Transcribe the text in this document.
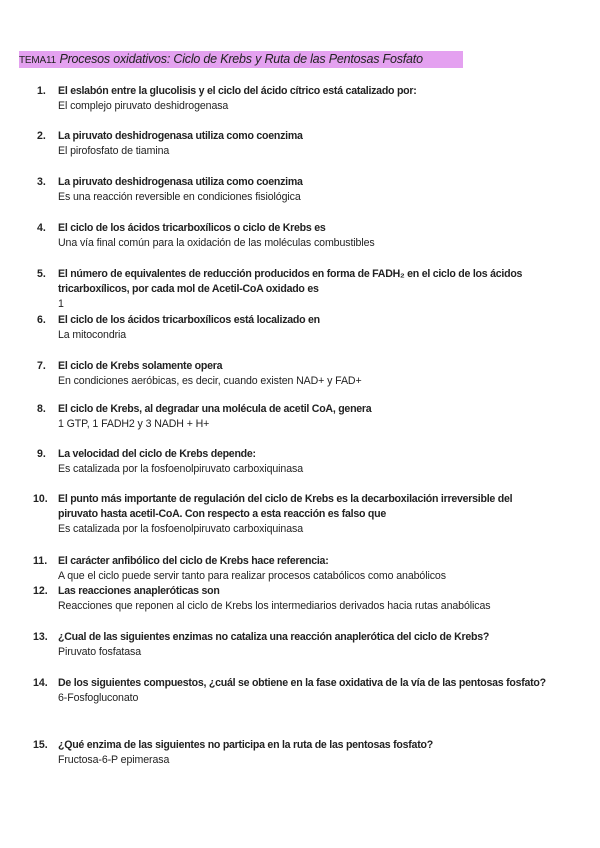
TEMA11 Procesos oxidativos: Ciclo de Krebs y Ruta de las Pentosas Fosfato
1. El eslabón entre la glucolisis y el ciclo del ácido cítrico está catalizado por:
El complejo piruvato deshidrogenasa
2. La piruvato deshidrogenasa utiliza como coenzima
El pirofosfato de tiamina
3. La piruvato deshidrogenasa utiliza como coenzima
Es una reacción reversible en condiciones fisiológica
4. El ciclo de los ácidos tricarboxílicos o ciclo de Krebs es
Una vía final común para la oxidación de las moléculas combustibles
5. El número de equivalentes de reducción producidos en forma de FADH₂ en el ciclo de los ácidos tricarboxílicos, por cada mol de Acetil-CoA oxidado es
1
6. El ciclo de los ácidos tricarboxílicos está localizado en
La mitocondria
7. El ciclo de Krebs solamente opera
En condiciones aeróbicas, es decir, cuando existen NAD+ y FAD+
8. El ciclo de Krebs, al degradar una molécula de acetil CoA, genera
1 GTP, 1 FADH2 y 3 NADH + H+
9. La velocidad del ciclo de Krebs depende:
Es catalizada por la fosfoenolpiruvato carboxiquinasa
10. El punto más importante de regulación del ciclo de Krebs es la decarboxilación irreversible del piruvato hasta acetil-CoA. Con respecto a esta reacción es falso que
Es catalizada por la fosfoenolpiruvato carboxiquinasa
11. El carácter anfibólico del ciclo de Krebs hace referencia:
A que el ciclo puede servir tanto para realizar procesos catabólicos como anabólicos
12. Las reacciones anapleróticas son
Reacciones que reponen al ciclo de Krebs los intermediarios derivados hacia rutas anabólicas
13. ¿Cual de las siguientes enzimas no cataliza una reacción anaplerótica del ciclo de Krebs?
Piruvato fosfatasa
14. De los siguientes compuestos, ¿cuál se obtiene en la fase oxidativa de la vía de las pentosas fosfato?
6-Fosfogluconato
15. ¿Qué enzima de las siguientes no participa en la ruta de las pentosas fosfato?
Fructosa-6-P epimerasa
